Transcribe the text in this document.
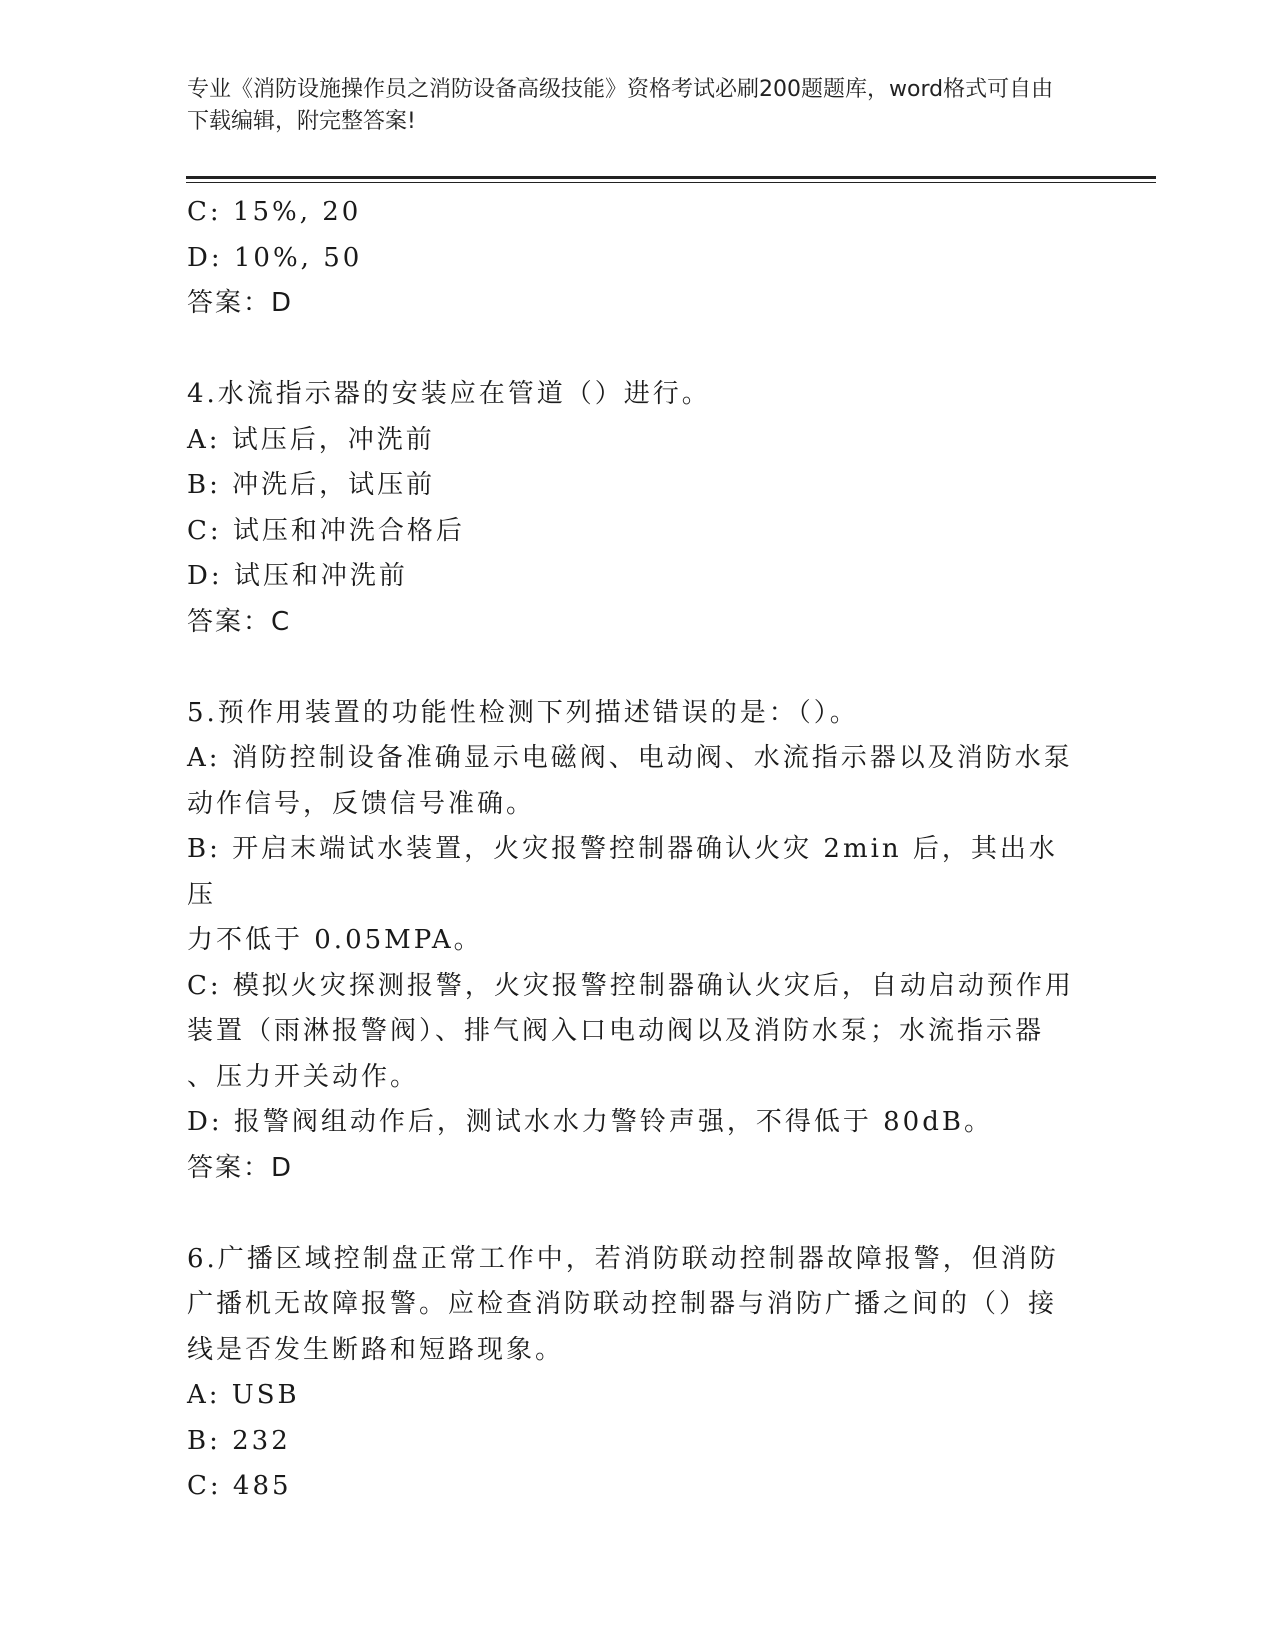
专业《消防设施操作员之消防设备高级技能》资格考试必刷200题题库，word格式可自由下载编辑，附完整答案!

C: 15%, 20

D: 10%, 50

答案：D

4.水流指示器的安装应在管道（）进行。

A: 试压后，冲洗前

B: 冲洗后，试压前

C: 试压和冲洗合格后

D: 试压和冲洗前

答案：C

5.预作用装置的功能性检测下列描述错误的是：（）。

A: 消防控制设备准确显示电磁阀、电动阀、水流指示器以及消防水泵

动作信号，反馈信号准确。

B: 开启末端试水装置，火灾报警控制器确认火灾 2min 后，其出水压

力不低于 0.05MPA。

C: 模拟火灾探测报警，火灾报警控制器确认火灾后，自动启动预作用

装置（雨淋报警阀）、排气阀入口电动阀以及消防水泵；水流指示器

、压力开关动作。

D: 报警阀组动作后，测试水水力警铃声强，不得低于 80dB。

答案：D

6.广播区域控制盘正常工作中，若消防联动控制器故障报警，但消防

广播机无故障报警。应检查消防联动控制器与消防广播之间的（）接

线是否发生断路和短路现象。

A: USB

B: 232

C: 485
